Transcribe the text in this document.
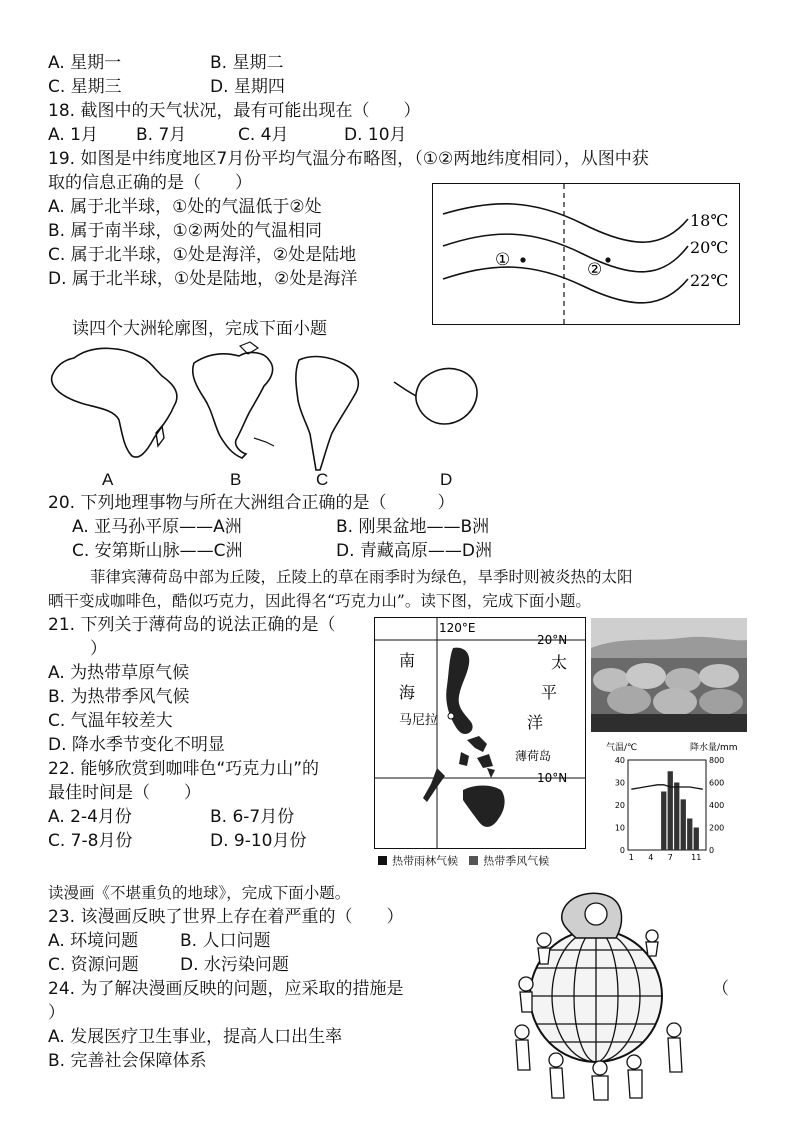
A. 星期一	B. 星期二
C. 星期三	D. 星期四
18. 截图中的天气状况，最有可能出现在（　　）
A. 1月 B. 7月	C. 4月	D. 10月
19. 如图是中纬度地区7月份平均气温分布略图，（①②两地纬度相同），从图中获
取的信息正确的是（　　）
A. 属于北半球，①处的气温低于②处
B. 属于南半球，①②两处的气温相同
C. 属于北半球，①处是海洋，②处是陆地
D. 属于北半球，①处是陆地，②处是海洋
①	②
18℃
20℃
22℃
读四个大洲轮廓图，完成下面小题
A	B	C	D
20. 下列地理事物与所在大洲组合正确的是（　　　）
A. 亚马孙平原——A洲	B. 刚果盆地——B洲
C. 安第斯山脉——C洲	D. 青藏高原——D洲
菲律宾薄荷岛中部为丘陵，丘陵上的草在雨季时为绿色，旱季时则被炎热的太阳
晒干变成咖啡色，酷似巧克力，因此得名“巧克力山”。读下图，完成下面小题。
21. 下列关于薄荷岛的说法正确的是（
）
A. 为热带草原气候
B. 为热带季风气候
C. 气温年较差大
D. 降水季节变化不明显
22. 能够欣赏到咖啡色“巧克力山”的
最佳时间是（　　）
A. 2-4月份	B. 6-7月份
C. 7-8月份	D. 9-10月份
120°E
20°N
10°N
南
海
太
平
洋
马尼拉
薄荷岛
热带雨林气候 热带季风气候
气温/℃	降水量/mm
40
30
20
10
0
800
600
400
200
0
1 4 7 11
读漫画《不堪重负的地球》，完成下面小题。
23. 该漫画反映了世界上存在着严重的（　　）
A. 环境问题 B. 人口问题
C. 资源问题 D. 水污染问题
24. 为了解决漫画反映的问题，应采取的措施是	（
）
A. 发展医疗卫生事业，提高人口出生率
B. 完善社会保障体系
